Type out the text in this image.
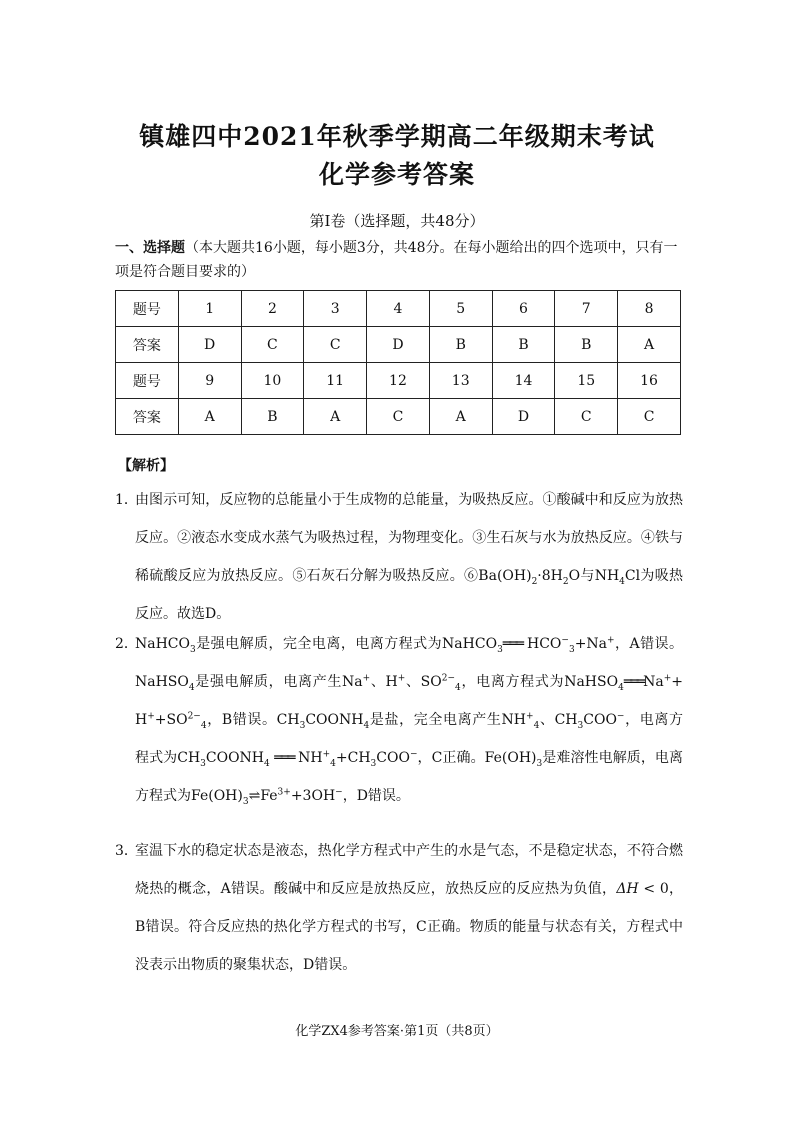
镇雄四中2021年秋季学期高二年级期末考试
化学参考答案
第Ⅰ卷（选择题，共48分）
一、选择题（本大题共16小题，每小题3分，共48分。在每小题给出的四个选项中，只有一项是符合题目要求的）
题号	1	2	3	4	5	6	7	8
答案	D	C	C	D	B	B	B	A
题号	9	10	11	12	13	14	15	16
答案	A	B	A	C	A	D	C	C
【解析】
1．
由图示可知，反应物的总能量小于生成物的总能量，为吸热反应。①酸碱中和反应为放热反应。②液态水变成水蒸气为吸热过程，为物理变化。③生石灰与水为放热反应。④铁与稀硫酸反应为放热反应。⑤石灰石分解为吸热反应。$⑥Ba(OH)_2\cdot 8H_2O$与$NH_4Cl$为吸热反应。故选D。
2．
NaHCO$_3$是强电解质，完全电离，电离方程式为NaHCO$_3$═══ $HCO^-_3+Na^+$，A错误。NaHSO$_4$是强电解质，电离产生Na+、H+、$SO^{2-}_4$，电离方程式为NaHSO$_4$═══Na++ $H^++SO^{2-}_4$，B错误。$CH_3COONH_4$是盐，完全电离产生$NH^+_4$、$CH_3COO^-$，电离方程式为$CH_3COONH_4$ ═══ $NH^+_4+CH_3COO^-$，C正确。$Fe(OH)_3$是难溶性电解质，电离方程式为$Fe(OH)_3\rightleftharpoons Fe^{3+}+3OH^-$，D错误。
3．
室温下水的稳定状态是液态，热化学方程式中产生的水是气态，不是稳定状态，不符合燃烧热的概念，A错误。酸碱中和反应是放热反应，放热反应的反应热为负值，ΔH < 0，B错误。符合反应热的热化学方程式的书写，C正确。物质的能量与状态有关，方程式中没表示出物质的聚集状态，D错误。
化学ZX4参考答案·第1页（共8页）
